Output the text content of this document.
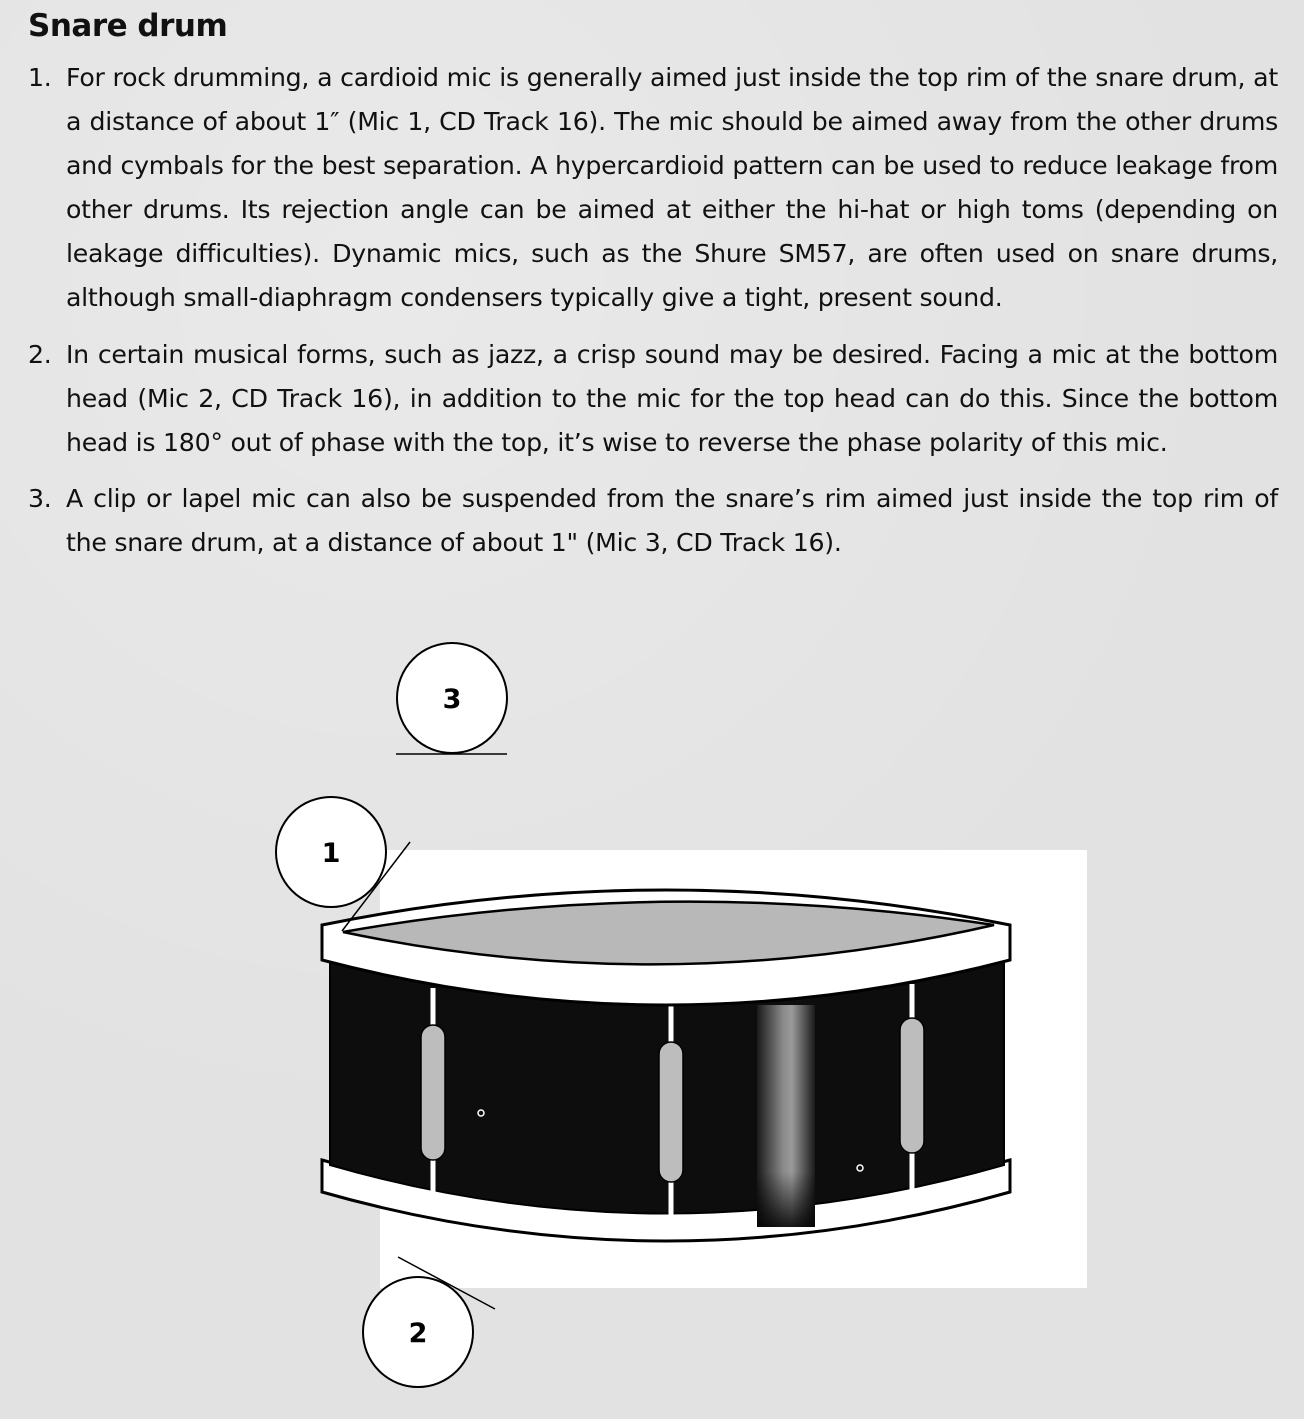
Snare drum
1. For rock drumming, a cardioid mic is generally aimed just inside the top rim of the snare drum, at a distance of about 1″ (Mic 1, CD Track 16). The mic should be aimed away from the other drums and cymbals for the best separation. A hypercardioid pattern can be used to reduce leakage from other drums. Its rejection angle can be aimed at either the hi-hat or high toms (depending on leakage difficulties). Dynamic mics, such as the Shure SM57, are often used on snare drums, although small-diaphragm condensers typically give a tight, present sound.
2. In certain musical forms, such as jazz, a crisp sound may be desired. Facing a mic at the bottom head (Mic 2, CD Track 16), in addition to the mic for the top head can do this. Since the bottom head is 180° out of phase with the top, it’s wise to reverse the phase polarity of this mic.
3. A clip or lapel mic can also be suspended from the snare’s rim aimed just inside the top rim of the snare drum, at a distance of about 1" (Mic 3, CD Track 16).
3
1
2
